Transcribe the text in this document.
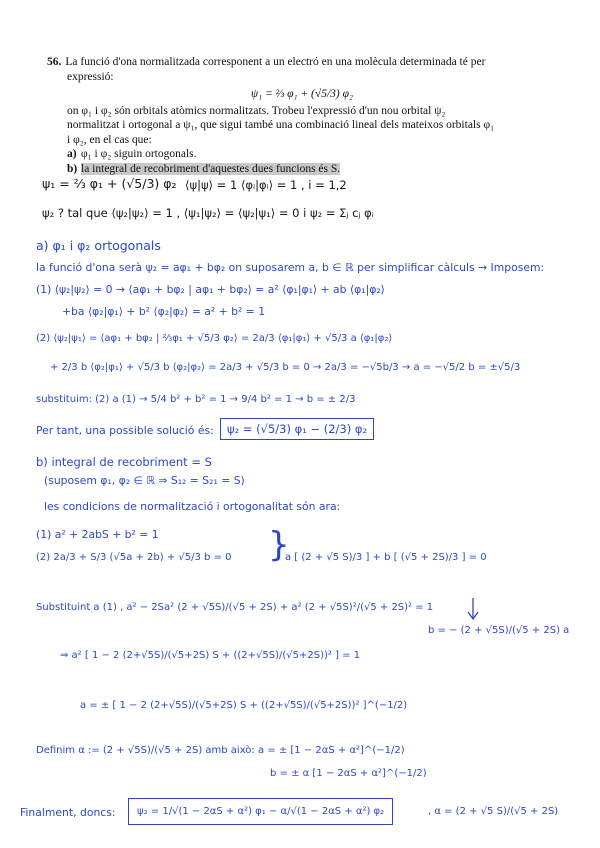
56. La funció d'ona normalitzada corresponent a un electró en una molècula determinada té per
expressió:
ψ₁ = ⅔ φ₁ + (√5/3) φ₂
on φ₁ i φ₂ són orbitals atòmics normalitzats. Trobeu l'expressió d'un nou orbital ψ₂
normalitzat i ortogonal a ψ₁, que sigui també una combinació lineal dels mateixos orbitals φ₁
i φ₂, en el cas que:
a) φ₁ i φ₂ siguin ortogonals.
b) la integral de recobriment d'aquestes dues funcions és S.
ψ₁ = ⅔ φ₁ + (√5/3) φ₂ ⟨ψ|ψ⟩ = 1 ⟨φᵢ|φᵢ⟩ = 1 , i = 1,2
ψ₂ ? tal que ⟨ψ₂|ψ₂⟩ = 1 , ⟨ψ₁|ψ₂⟩ = ⟨ψ₂|ψ₁⟩ = 0 i ψ₂ = Σⱼ cⱼ φᵢ
a) φ₁ i φ₂ ortogonals
la funció d'ona serà ψ₂ = aφ₁ + bφ₂ on suposarem a, b ∈ ℝ per simplificar càlculs → Imposem:
(1) ⟨ψ₂|ψ₂⟩ = 0 → ⟨aφ₁ + bφ₂ | aφ₁ + bφ₂⟩ = a² ⟨φ₁|φ₁⟩ + ab ⟨φ₁|φ₂⟩
+ba ⟨φ₂|φ₁⟩ + b² ⟨φ₂|φ₂⟩ = a² + b² = 1
(2) ⟨ψ₂|ψ₁⟩ = ⟨aφ₁ + bφ₂ | ⅔φ₁ + √5/3 φ₂⟩ = 2a/3 ⟨φ₁|φ₁⟩ + √5/3 a ⟨φ₁|φ₂⟩
+ 2/3 b ⟨φ₂|φ₁⟩ + √5/3 b ⟨φ₂|φ₂⟩ = 2a/3 + √5/3 b = 0 → 2a/3 = −√5b/3 → a = −√5/2 b = ±√5/3
substituim: (2) a (1) → 5/4 b² + b² = 1 → 9/4 b² = 1 → b = ± 2/3
Per tant, una possible solució és:	ψ₂ = (√5/3) φ₁ − (2/3) φ₂
b) integral de recobriment = S
(suposem φ₁, φ₂ ∈ ℝ ⇒ S₁₂ = S₂₁ = S)
les condicions de normalització i ortogonalitat són ara:
(1) a² + 2abS + b² = 1
(2) 2a/3 + S/3 (√5a + 2b) + √5/3 b = 0 }
a [ (2 + √5 S)/3 ] + b [ (√5 + 2S)/3 ] = 0
Substituint a (1) , a² − 2Sa² (2 + √5S)/(√5 + 2S) + a² (2 + √5S)²/(√5 + 2S)² = 1
b = − (2 + √5S)/(√5 + 2S) a
⇒ a² [ 1 − 2 (2+√5S)/(√5+2S) S + ((2+√5S)/(√5+2S))² ] = 1
a = ± [ 1 − 2 (2+√5S)/(√5+2S) S + ((2+√5S)/(√5+2S))² ]^(−1/2)
Definim α := (2 + √5S)/(√5 + 2S) amb això: a = ± [1 − 2αS + α²]^(−1/2)
b = ± α [1 − 2αS + α²]^(−1/2)
Finalment, doncs:	ψ₂ = 1/√(1 − 2αS + α²) φ₁ − α/√(1 − 2αS + α²) φ₂	, α = (2 + √5 S)/(√5 + 2S)
